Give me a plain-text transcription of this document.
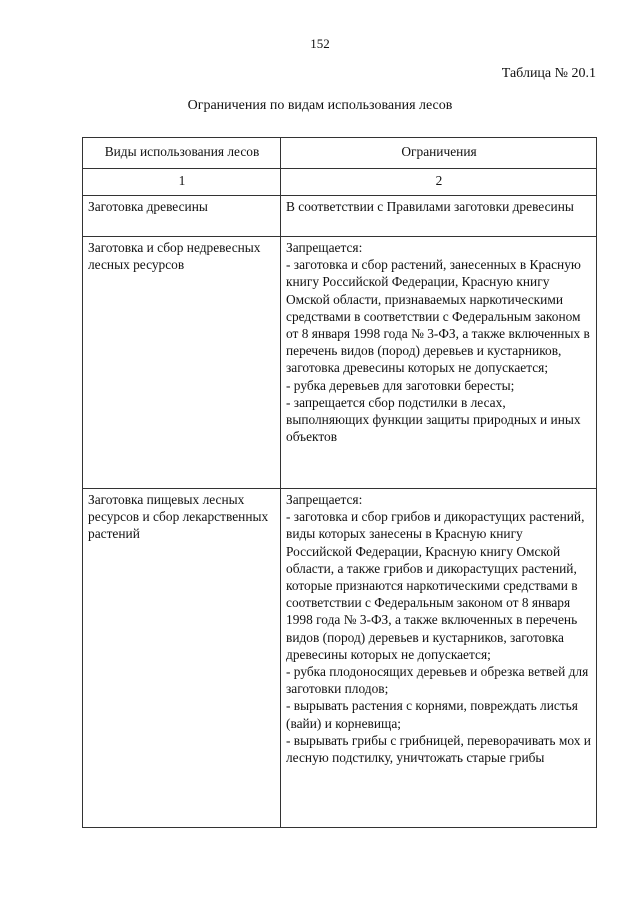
152
Таблица № 20.1
Ограничения по видам использования лесов
Виды использования лесов	Ограничения
1	2
Заготовка древесины	В соответствии с Правилами заготовки древесины

Заготовка и сбор недревесных лесных ресурсов	Запрещается:
- заготовка и сбор растений, занесенных в Красную книгу Российской Федерации, Красную книгу Омской области, признаваемых наркотическими средствами в соответствии с Федеральным законом от 8 января 1998 года № 3-ФЗ, а также включенных в перечень видов (пород) деревьев и кустарников, заготовка древесины которых не допускается;
- рубка деревьев для заготовки бересты;
- запрещается сбор подстилки в лесах, выполняющих функции защиты природных и иных объектов

Заготовка пищевых лесных ресурсов и сбор лекарственных растений	Запрещается:
- заготовка и сбор грибов и дикорастущих растений, виды которых занесены в Красную книгу Российской Федерации, Красную книгу Омской области, а также грибов и дикорастущих растений, которые признаются наркотическими средствами в соответствии с Федеральным законом от 8 января 1998 года № 3-ФЗ, а также включенных в перечень видов (пород) деревьев и кустарников, заготовка древесины которых не допускается;
- рубка плодоносящих деревьев и обрезка ветвей для заготовки плодов;
- вырывать растения с корнями, повреждать листья (вайи) и корневища;
- вырывать грибы с грибницей, переворачивать мох и лесную подстилку, уничтожать старые грибы
